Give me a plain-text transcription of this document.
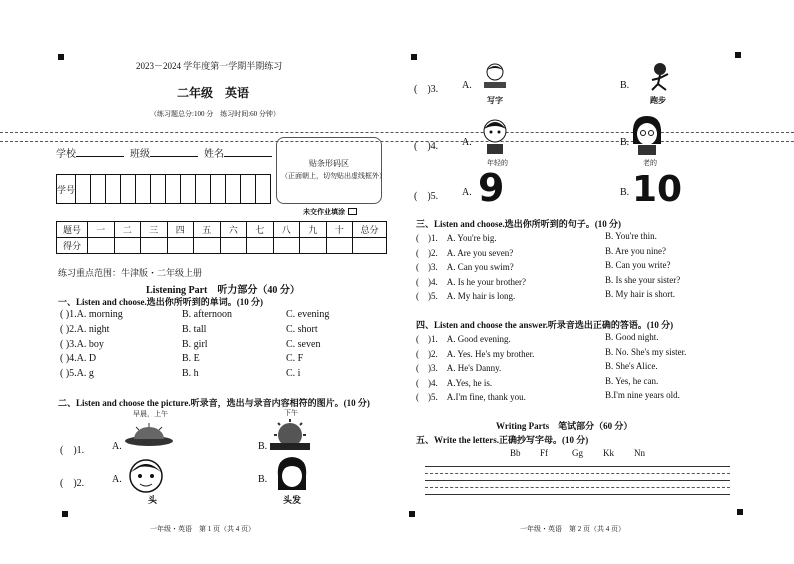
2023－2024 学年度第一学期半期练习
二年级　英语
（练习题总分:100 分　练习时间:60 分钟）
学校	班级	姓名
学号													
贴条形码区
（正面朝上，切勿贴出虚线框外）
未交作业填涂
题号	一	二	三	四	五	六	七	八	九	十	总分
得分											
练习重点范围：牛津版・二年级上册
Listening Part　听力部分（40 分）
一、Listen and choose.选出你所听到的单词。(10 分)
( )1.A. morning	B. afternoon	C. evening
( )2.A. night	B. tall	C. short
( )3.A. boy	B. girl	C. seven
( )4.A. D	B. E	C. F
( )5.A. g	B. h	C. i
二、Listen and choose the picture.听录音，选出与录音内容相符的图片。(10 分)
(　)1.	A.
早晨，上午
B.
下午
(　)2.	A.
头
B.
头发
一年级・英语　第 1 页（共 4 页）
(　)3. A.
写字
B.
跑步
(　)4. A.
年轻的
B.
老的
(　)5. A. 9	B. 10
三、Listen and choose.选出你所听到的句子。(10 分)
(　)1.　A. You're big.	B. You're thin.
(　)2.　A. Are you seven?	B. Are you nine?
(　)3.　A. Can you swim?	B. Can you write?
(　)4.　A. Is he your brother?	B. Is she your sister?
(　)5.　A. My hair is long.	B. My hair is short.
四、Listen and choose the answer.听录音选出正确的答语。(10 分)
(　)1.　A. Good evening.	B. Good night.
(　)2.　A. Yes. He's my brother.	B. No. She's my sister.
(　)3.　A. He's Danny.	B. She's Alice.
(　)4.　A.Yes, he is.	B. Yes, he can.
(　)5.　A.I'm fine, thank you.	B.I'm nine years old.
Writing Parts　笔试部分（60 分）
五、Write the letters.正确抄写字母。(10 分)
Bb Ff	Gg Kk Nn
一年级・英语　第 2 页（共 4 页）
